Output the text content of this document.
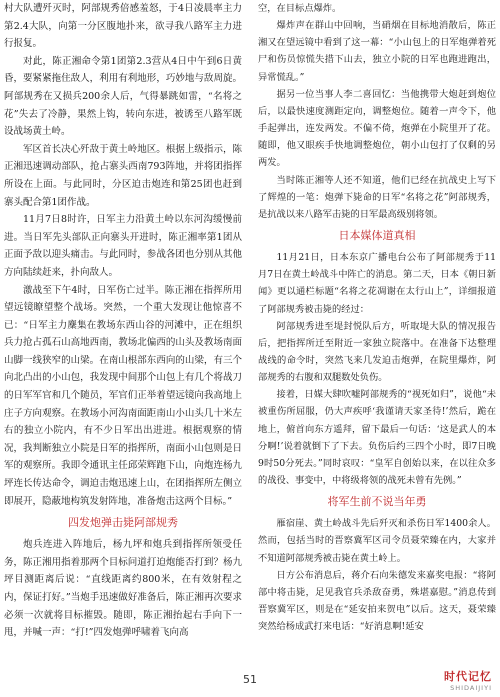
村大队遭歼灭时，阿部规秀倍感羞怒，于4日凌晨率主力第2.4大队，向第一分区腹地扑来，欲寻我八路军主力进行报复。

对此，陈正湘命令第1团第2.3营从4日中午到6日黄昏，要紧紧拖住敌人，利用有利地形，巧妙地与敌周旋。阿部规秀在又损兵200余人后，气得暴跳如雷，“名将之花”失去了冷静，果然上钩，转向东进，被诱至八路军既设战场黄土岭。

军区首长决心歼敌于黄土岭地区。根据上级指示，陈正湘迅速调动部队，抢占寨头西南793阵地，并将团指挥所设在上面。与此同时，分区迫击炮连和第25团也赶到寨头配合第1团作战。

11月7日8时许，日军主力沿黄土岭以东河沟缓慢前进。当日军先头部队正向寨头开进时，陈正湘率第1团从正面予敌以迎头痛击。与此同时，参战各团也分别从其他方向陆续赶来，扑向敌人。

激战至下午4时，日军伤亡过半。陈正湘在指挥所用望远镜瞭望整个战场。突然，一个重大发现让他惊喜不已：“日军主力麇集在教场东西山谷的河滩中，正在组织兵力抢占孤石山高地西南，教场北偏西的山头及教场南面山脚一线狭窄的山梁。在南山根部东西向的山梁，有三个向北凸出的小山包，我发现中间那个山包上有几个将战刀的日军军官和几个随员，军官们正举着望远镜向我高地上庄子方向观察。在教场小河沟南面距南山小山头几十米左右的独立小院内，有不少日军出出进进。根据观察的情况，我判断独立小院是日军的指挥所，南面小山包则是日军的观察所。我即令通讯主任邱荣辉跑下山，向炮连杨九坪连长传达命令，调迫击炮迅速上山，在团指挥所左侧立即展开，隐蔽地构筑发射阵地，准备炮击这两个目标。”

四发炮弹击毙阿部规秀

炮兵连进入阵地后，杨九坪和炮兵到指挥所领受任务，陈正湘用指着那两个目标问道打迫炮能否打到？杨九坪目测距离后说：“直线距离约800米，在有效射程之内，保证打好。”当炮手迅速做好准备后，陈正湘再次要求必须一次就将目标摧毁。随即，陈正湘抬起右手向下一甩，并喊一声：“打!”四发炮弹呼啸着飞向高

空，在目标点爆炸。

爆炸声在群山中回响，当硝烟在目标地消散后，陈正湘又在望远镜中看到了这一幕：“小山包上的日军炮弹着死尸和伤员惊慌失措下山去，独立小院的日军也跑进跑出，异常慌乱。”

据另一位当事人李二喜回忆：当他携带大炮赶到炮位后，以最快速度测距定向，调整炮位。随着一声令下，他手起弹出，连发两发。不偏不倚，炮弹在小院里开了花。随即，他又眼疾手快地调整炮位，朝小山包打了仅剩的另两发。

当时陈正湘等人还不知道，他们已经在抗战史上写下了辉煌的一笔：炮弹下毙命的日军“名将之花”阿部规秀，是抗战以来八路军击毙的日军最高级别将领。

日本媒体道真相

11月21日，日本东京广播电台公布了阿部规秀于11月7日在黄土岭战斗中阵亡的消息。第二天，日本《朝日新闻》更以通栏标题“名将之花凋谢在太行山上”，详细报道了阿部规秀被击毙的经过：

阿部规秀进至堤封悦队后方，听取堤大队的情况报告后，把指挥所迁至附近一家独立院落中。在准备下达整理战线的命令时，突然飞来几发迫击炮弹，在院里爆炸，阿部规秀的右腹和双腿数处负伤。

接着，日媒大肆吹嘘阿部规秀的“视死如归”，说他“未被重伤所屈服，仍大声疾呼‘我谨请天家圣待!’然后，跪在地上，俯首向东方遥拜，留下最后一句话：‘这是武人的本分啊!’说着就倒下了下去。负伤后约三四个小时，即7日晚9时50分死去。”同时哀叹：“皇军自创始以来，在以往众多的战役、事变中，中将级将领的战死未曾有先例。”

将军生前不说当年勇

雁宿崖、黄土岭战斗先后歼灭和杀伤日军1400余人。然而，包括当时的晋察冀军区司令员聂荣臻在内，大家并不知道阿部规秀被击毙在黄土岭上。

日方公布消息后，蒋介石向朱德发来嘉奖电报：“将阿部中将击毙，足见我官兵杀敌奋勇，殊堪嘉慰。”消息传到晋察冀军区，则是在“延安拍来贺电”以后。这天，聂荣臻突然给杨成武打来电话：“好消息啊!延安

51	时代记忆
SHIDAIJIYI
